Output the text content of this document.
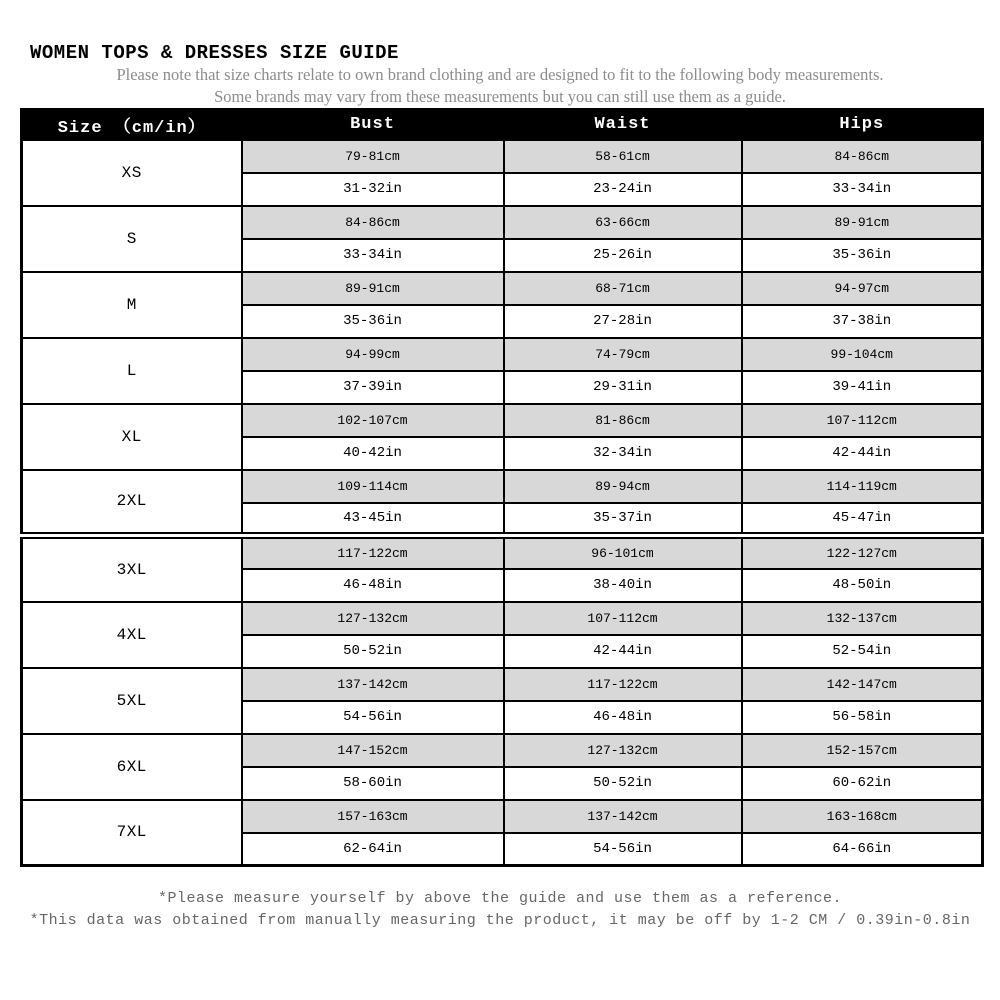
WOMEN TOPS & DRESSES SIZE GUIDE
Please note that size charts relate to own brand clothing and are designed to fit to the following body measurements.
Some brands may vary from these measurements but you can still use them as a guide.
Size （cm/in）	Bust	Waist	Hips
XS	79-81cm	58-61cm	84-86cm
	31-32in	23-24in	33-34in
S	84-86cm	63-66cm	89-91cm
	33-34in	25-26in	35-36in
M	89-91cm	68-71cm	94-97cm
	35-36in	27-28in	37-38in
L	94-99cm	74-79cm	99-104cm
	37-39in	29-31in	39-41in
XL	102-107cm	81-86cm	107-112cm
	40-42in	32-34in	42-44in
2XL	109-114cm	89-94cm	114-119cm
	43-45in	35-37in	45-47in
3XL	117-122cm	96-101cm	122-127cm
	46-48in	38-40in	48-50in
4XL	127-132cm	107-112cm	132-137cm
	50-52in	42-44in	52-54in
5XL	137-142cm	117-122cm	142-147cm
	54-56in	46-48in	56-58in
6XL	147-152cm	127-132cm	152-157cm
	58-60in	50-52in	60-62in
7XL	157-163cm	137-142cm	163-168cm
	62-64in	54-56in	64-66in
*Please measure yourself by above the guide and use them as a reference.
*This data was obtained from manually measuring the product, it may be off by 1-2 CM / 0.39in-0.8in
